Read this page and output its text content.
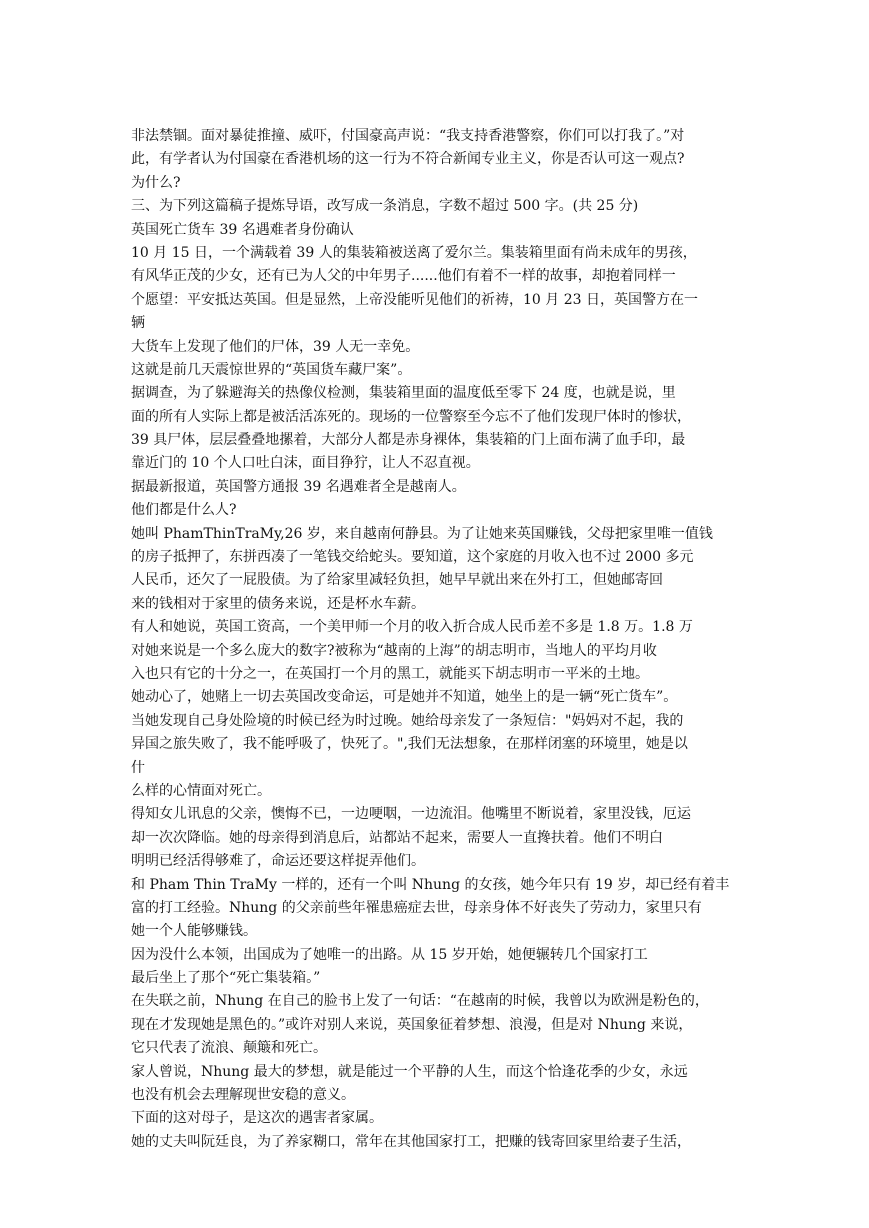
非法禁锢。面对暴徒推撞、威吓，付国豪高声说：“我支持香港警察，你们可以打我了。”对
此，有学者认为付国豪在香港机场的这一行为不符合新闻专业主义，你是否认可这一观点?
为什么?
三、为下列这篇稿子提炼导语，改写成一条消息，字数不超过 500 字。(共 25 分)
英国死亡货车 39 名遇难者身份确认
10 月 15 日，一个满载着 39 人的集装箱被送离了爱尔兰。集装箱里面有尚未成年的男孩，
有风华正茂的少女，还有已为人父的中年男子......他们有着不一样的故事，却抱着同样一
个愿望：平安抵达英国。但是显然，上帝没能听见他们的祈祷，10 月 23 日，英国警方在一
辆
大货车上发现了他们的尸体，39 人无一幸免。
这就是前几天震惊世界的“英国货车藏尸案”。
据调查，为了躲避海关的热像仪检测，集装箱里面的温度低至零下 24 度，也就是说，里
面的所有人实际上都是被活活冻死的。现场的一位警察至今忘不了他们发现尸体时的惨状，
39 具尸体，层层叠叠地摞着，大部分人都是赤身裸体，集装箱的门上面布满了血手印，最
靠近门的 10 个人口吐白沫，面目狰狞，让人不忍直视。
据最新报道，英国警方通报 39 名遇难者全是越南人。
他们都是什么人?
她叫 PhamThinTraMy,26 岁，来自越南何静县。为了让她来英国赚钱，父母把家里唯一值钱
的房子抵押了，东拼西凑了一笔钱交给蛇头。要知道，这个家庭的月收入也不过 2000 多元
人民币，还欠了一屁股债。为了给家里减轻负担，她早早就出来在外打工，但她邮寄回
来的钱相对于家里的债务来说，还是杯水车薪。
有人和她说，英国工资高，一个美甲师一个月的收入折合成人民币差不多是 1.8 万。1.8 万
对她来说是一个多么庞大的数字?被称为“越南的上海”的胡志明市，当地人的平均月收
入也只有它的十分之一，在英国打一个月的黑工，就能买下胡志明市一平米的土地。
她动心了，她赌上一切去英国改变命运，可是她并不知道，她坐上的是一辆“死亡货车”。
当她发现自己身处险境的时候已经为时过晚。她给母亲发了一条短信："妈妈对不起，我的
异国之旅失败了，我不能呼吸了，快死了。",我们无法想象，在那样闭塞的环境里，她是以
什
么样的心情面对死亡。
得知女儿讯息的父亲，懊悔不已，一边哽咽，一边流泪。他嘴里不断说着，家里没钱，厄运
却一次次降临。她的母亲得到消息后，站都站不起来，需要人一直搀扶着。他们不明白
明明已经活得够难了，命运还要这样捉弄他们。
和 Pham Thin TraMy 一样的，还有一个叫 Nhung 的女孩，她今年只有 19 岁，却已经有着丰
富的打工经验。Nhung 的父亲前些年罹患癌症去世，母亲身体不好丧失了劳动力，家里只有
她一个人能够赚钱。
因为没什么本领，出国成为了她唯一的出路。从 15 岁开始，她便辗转几个国家打工
最后坐上了那个“死亡集装箱。”
在失联之前，Nhung 在自己的脸书上发了一句话：“在越南的时候，我曾以为欧洲是粉色的，
现在才发现她是黑色的。”或许对别人来说，英国象征着梦想、浪漫，但是对 Nhung 来说，
它只代表了流浪、颠簸和死亡。
家人曾说，Nhung 最大的梦想，就是能过一个平静的人生，而这个恰逢花季的少女，永远
也没有机会去理解现世安稳的意义。
下面的这对母子，是这次的遇害者家属。
她的丈夫叫阮廷良，为了养家糊口，常年在其他国家打工，把赚的钱寄回家里给妻子生活，
